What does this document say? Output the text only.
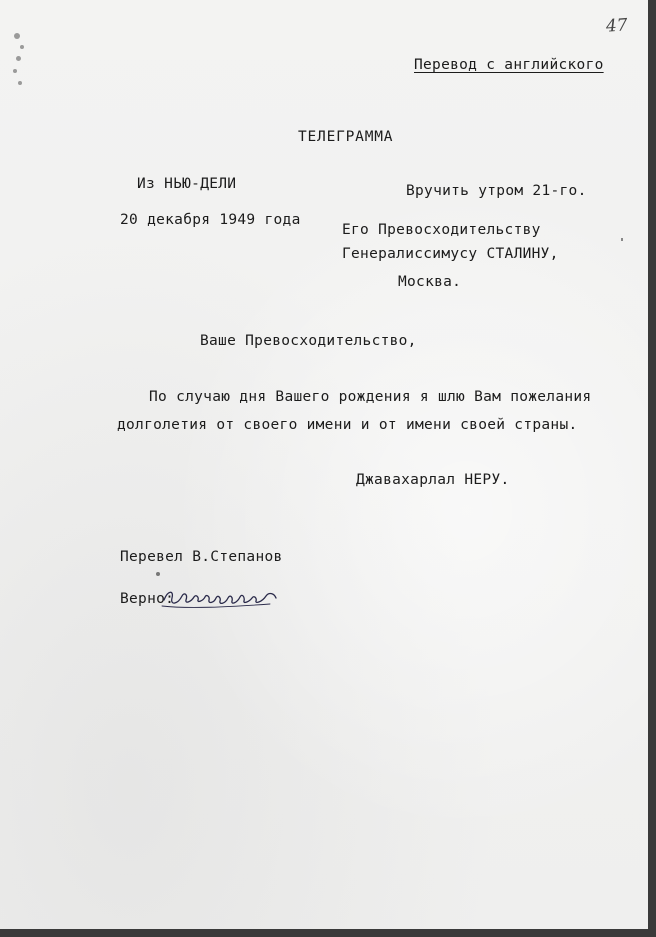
47
Перевод с английского
ТЕЛЕГРАММА
Из НЬЮ-ДЕЛИ	Вручить утром 21-го.
20 декабря 1949 года
Его Превосходительству
Генералиссимусу СТАЛИНУ,
Москва.
Ваше Превосходительство,
По случаю дня Вашего рождения я шлю Вам пожелания
долголетия от своего имени и от имени своей страны.
Джавахарлал НЕРУ.
Перевел В.Степанов
Верно:
